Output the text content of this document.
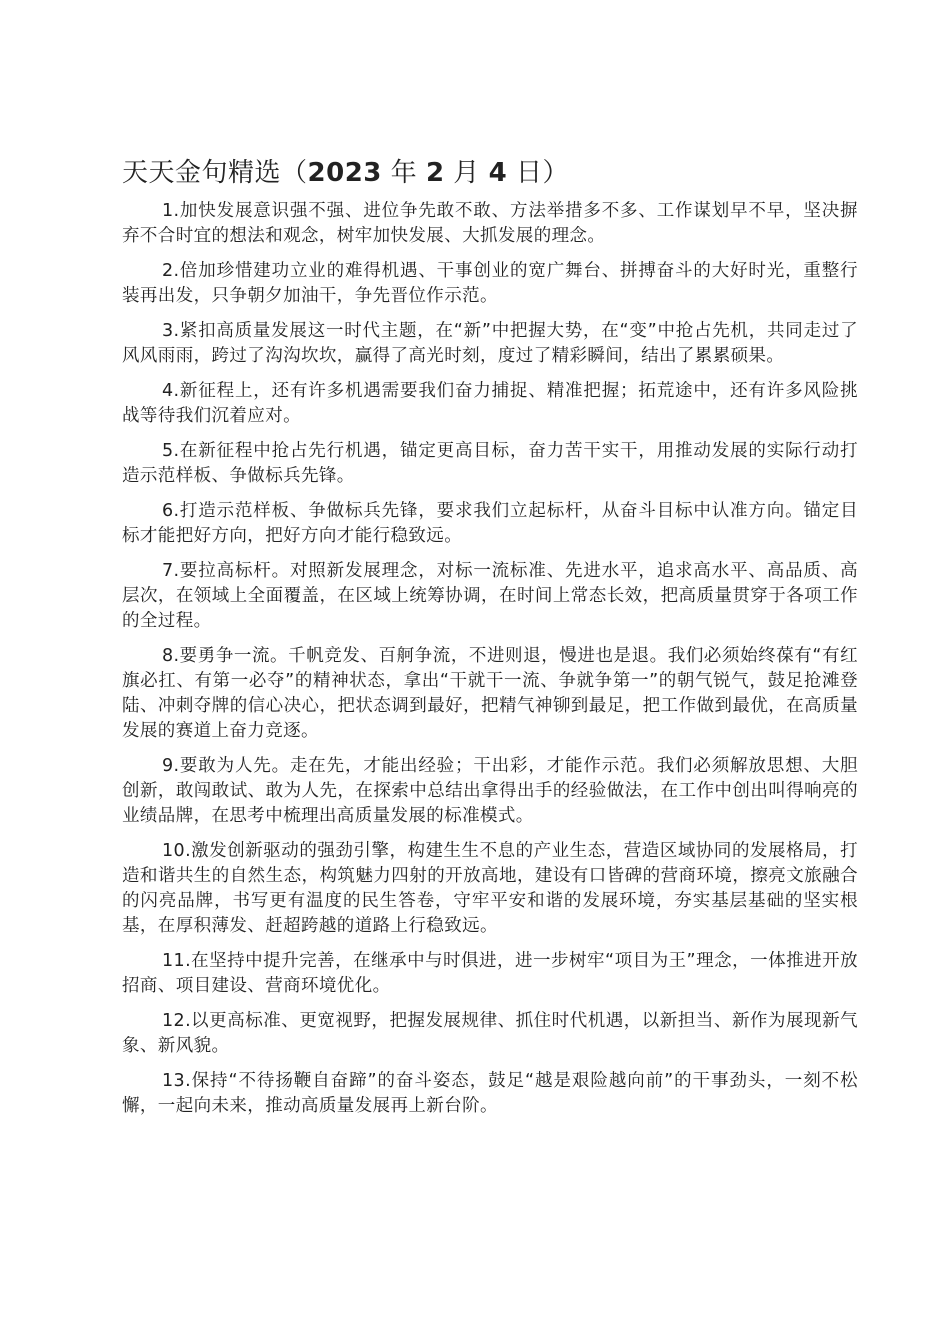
天天金句精选（2023 年 2 月 4 日）

1.加快发展意识强不强、进位争先敢不敢、方法举措多不多、工作谋划早不早，坚决摒弃不合时宜的想法和观念，树牢加快发展、大抓发展的理念。

2.倍加珍惜建功立业的难得机遇、干事创业的宽广舞台、拼搏奋斗的大好时光，重整行装再出发，只争朝夕加油干，争先晋位作示范。

3.紧扣高质量发展这一时代主题，在“新”中把握大势，在“变”中抢占先机，共同走过了风风雨雨，跨过了沟沟坎坎，赢得了高光时刻，度过了精彩瞬间，结出了累累硕果。

4.新征程上，还有许多机遇需要我们奋力捕捉、精准把握；拓荒途中，还有许多风险挑战等待我们沉着应对。

5.在新征程中抢占先行机遇，锚定更高目标，奋力苦干实干，用推动发展的实际行动打造示范样板、争做标兵先锋。

6.打造示范样板、争做标兵先锋，要求我们立起标杆，从奋斗目标中认准方向。锚定目标才能把好方向，把好方向才能行稳致远。

7.要拉高标杆。对照新发展理念，对标一流标准、先进水平，追求高水平、高品质、高层次，在领域上全面覆盖，在区域上统筹协调，在时间上常态长效，把高质量贯穿于各项工作的全过程。

8.要勇争一流。千帆竞发、百舸争流，不进则退，慢进也是退。我们必须始终葆有“有红旗必扛、有第一必夺”的精神状态，拿出“干就干一流、争就争第一”的朝气锐气，鼓足抢滩登陆、冲刺夺牌的信心决心，把状态调到最好，把精气神铆到最足，把工作做到最优，在高质量发展的赛道上奋力竞逐。

9.要敢为人先。走在先，才能出经验；干出彩，才能作示范。我们必须解放思想、大胆创新，敢闯敢试、敢为人先，在探索中总结出拿得出手的经验做法，在工作中创出叫得响亮的业绩品牌，在思考中梳理出高质量发展的标准模式。

10.激发创新驱动的强劲引擎，构建生生不息的产业生态，营造区域协同的发展格局，打造和谐共生的自然生态，构筑魅力四射的开放高地，建设有口皆碑的营商环境，擦亮文旅融合的闪亮品牌，书写更有温度的民生答卷，守牢平安和谐的发展环境，夯实基层基础的坚实根基，在厚积薄发、赶超跨越的道路上行稳致远。

11.在坚持中提升完善，在继承中与时俱进，进一步树牢“项目为王”理念，一体推进开放招商、项目建设、营商环境优化。

12.以更高标准、更宽视野，把握发展规律、抓住时代机遇，以新担当、新作为展现新气象、新风貌。

13.保持“不待扬鞭自奋蹄”的奋斗姿态，鼓足“越是艰险越向前”的干事劲头，一刻不松懈，一起向未来，推动高质量发展再上新台阶。
